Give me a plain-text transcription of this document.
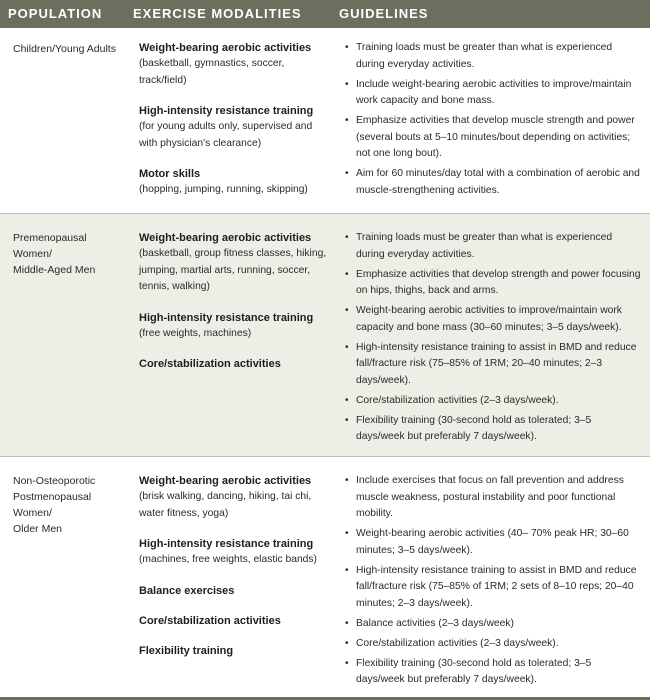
POPULATION EXERCISE MODALITIES	GUIDELINES
Children/Young Adults	Weight-bearing aerobic activities
(basketball, gymnastics, soccer, track/field)
High-intensity resistance training
(for young adults only, supervised and with physician's clearance)
Motor skills
(hopping, jumping, running, skipping)
• Training loads must be greater than what is experienced during everyday activities.
• Include weight-bearing aerobic activities to improve/maintain work capacity and bone mass.
• Emphasize activities that develop muscle strength and power (several bouts at 5–10 minutes/bout depending on activities; not one long bout).
• Aim for 60 minutes/day total with a combination of aerobic and muscle-strengthening activities.
Premenopausal
Women/
Middle-Aged Men
Weight-bearing aerobic activities
(basketball, group fitness classes, hiking, jumping, martial arts, running, soccer, tennis, walking)
High-intensity resistance training
(free weights, machines)
Core/stabilization activities
• Training loads must be greater than what is experienced during everyday activities.
• Emphasize activities that develop strength and power focusing on hips, thighs, back and arms.
• Weight-bearing aerobic activities to improve/maintain work capacity and bone mass (30–60 minutes; 3–5 days/week).
• High-intensity resistance training to assist in BMD and reduce fall/fracture risk (75–85% of 1RM; 20–40 minutes; 2–3 days/week).
• Core/stabilization activities (2–3 days/week).
• Flexibility training (30-second hold as tolerated; 3–5 days/week but preferably 7 days/week).
Non-Osteoporotic
Postmenopausal
Women/
Older Men
Weight-bearing aerobic activities
(brisk walking, dancing, hiking, tai chi, water fitness, yoga)
High-intensity resistance training
(machines, free weights, elastic bands)
Balance exercises
Core/stabilization activities
Flexibility training
• Include exercises that focus on fall prevention and address muscle weakness, postural instability and poor functional mobility.
• Weight-bearing aerobic activities (40– 70% peak HR; 30–60 minutes; 3–5 days/week).
• High-intensity resistance training to assist in BMD and reduce fall/fracture risk (75–85% of 1RM; 2 sets of 8–10 reps; 20–40 minutes; 2–3 days/week).
• Balance activities (2–3 days/week)
• Core/stabilization activities (2–3 days/week).
• Flexibility training (30-second hold as tolerated; 3–5 days/week but preferably 7 days/week).
